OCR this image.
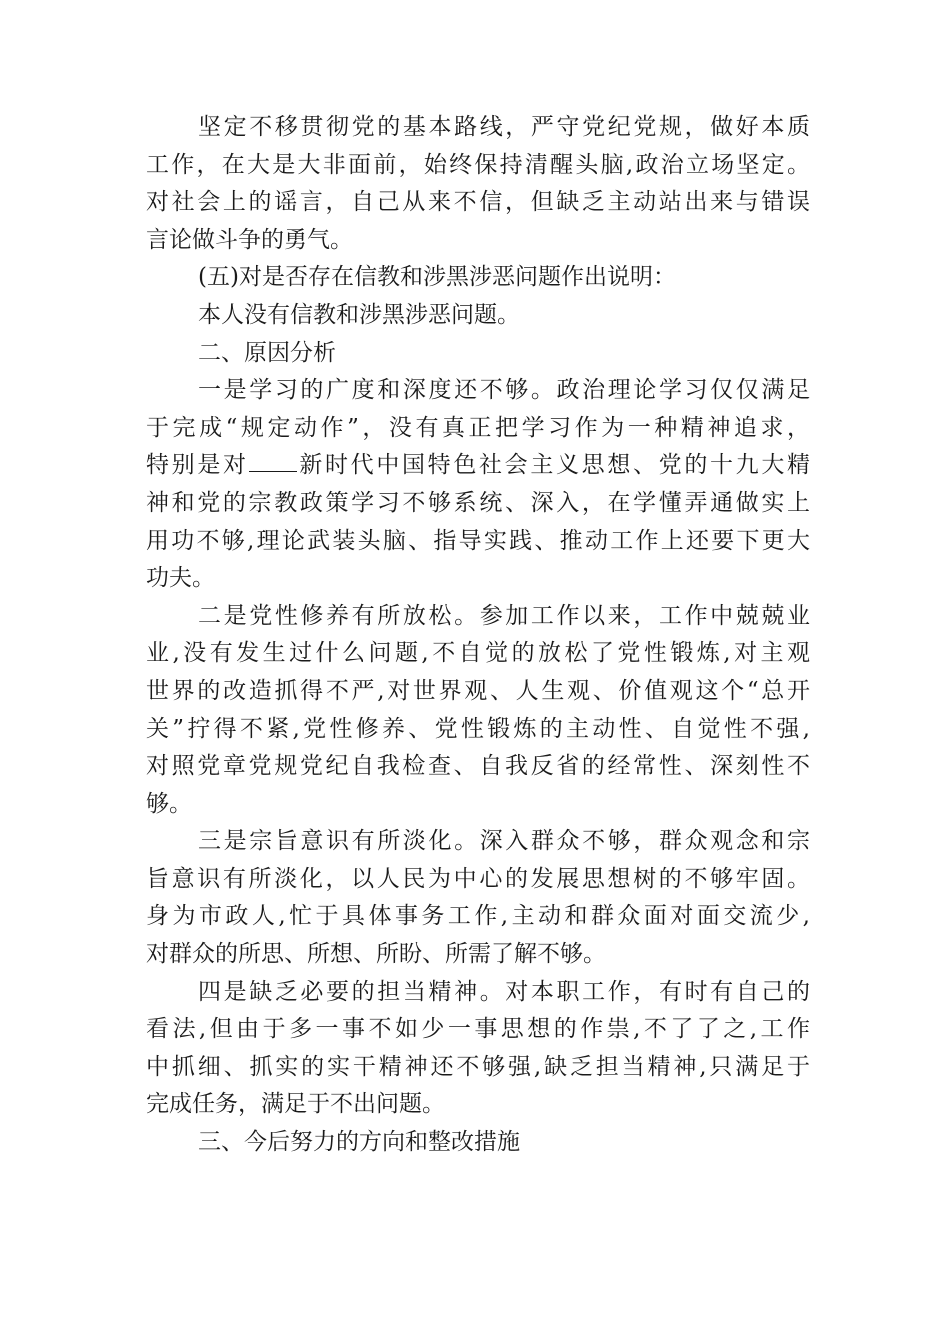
坚定不移贯彻党的基本路线，严守党纪党规，做好本质
工作，在大是大非面前，始终保持清醒头脑,政治立场坚定。
对社会上的谣言，自己从来不信，但缺乏主动站出来与错误
言论做斗争的勇气。
(五)对是否存在信教和涉黑涉恶问题作出说明：
本人没有信教和涉黑涉恶问题。
二、原因分析
一是学习的广度和深度还不够。政治理论学习仅仅满足
于完成“规定动作”，没有真正把学习作为一种精神追求，
特别是对 新时代中国特色社会主义思想、党的十九大精
神和党的宗教政策学习不够系统、深入，在学懂弄通做实上
用功不够,理论武装头脑、指导实践、推动工作上还要下更大
功夫。
二是党性修养有所放松。参加工作以来，工作中兢兢业
业,没有发生过什么问题,不自觉的放松了党性锻炼,对主观
世界的改造抓得不严,对世界观、人生观、价值观这个“总开
关”拧得不紧,党性修养、党性锻炼的主动性、自觉性不强,
对照党章党规党纪自我检查、自我反省的经常性、深刻性不
够。
三是宗旨意识有所淡化。深入群众不够，群众观念和宗
旨意识有所淡化，以人民为中心的发展思想树的不够牢固。
身为市政人,忙于具体事务工作,主动和群众面对面交流少,
对群众的所思、所想、所盼、所需了解不够。
四是缺乏必要的担当精神。对本职工作，有时有自己的
看法,但由于多一事不如少一事思想的作祟,不了了之,工作
中抓细、抓实的实干精神还不够强,缺乏担当精神,只满足于
完成任务，满足于不出问题。
三、今后努力的方向和整改措施
